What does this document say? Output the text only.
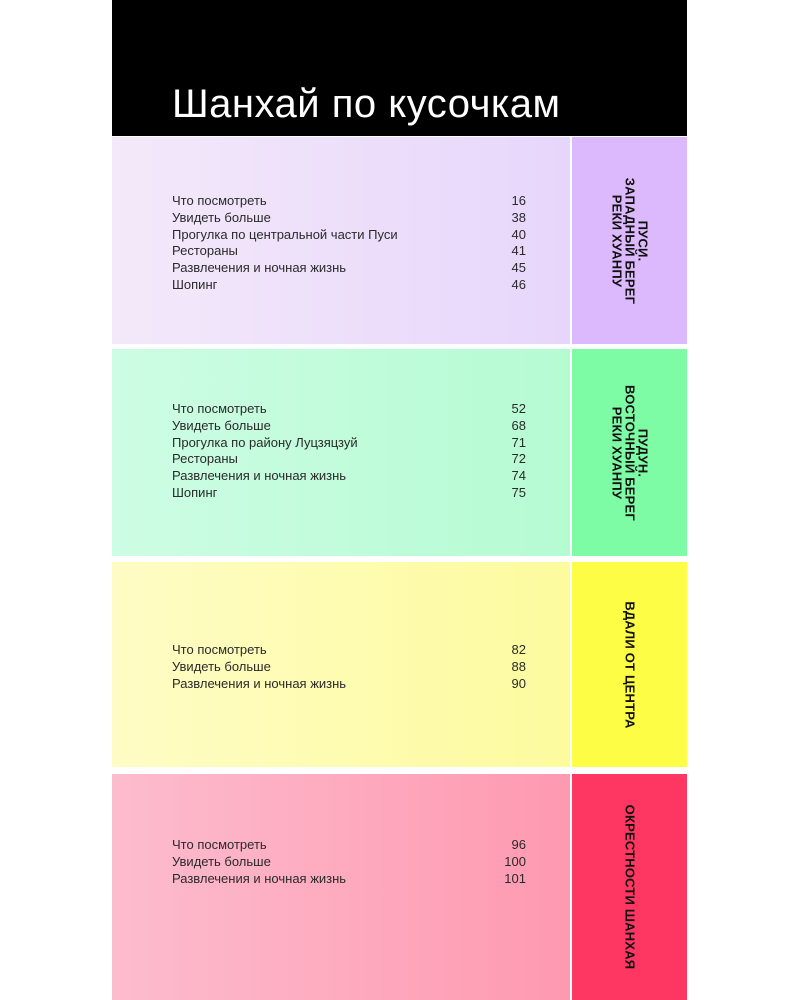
Шанхай по кусочкам
Что посмотреть	16
Увидеть больше	38
Прогулка по центральной части Пуси	40
Рестораны	41
Развлечения и ночная жизнь	45
Шопинг	46
ПУСИ.
ЗАПАДНЫЙ БЕРЕГ
РЕКИ ХУАНПУ
Что посмотреть	52
Увидеть больше	68
Прогулка по району Луцзяцзуй	71
Рестораны	72
Развлечения и ночная жизнь	74
Шопинг	75
ПУДУН.
ВОСТОЧНЫЙ БЕРЕГ
РЕКИ ХУАНПУ
Что посмотреть	82
Увидеть больше	88
Развлечения и ночная жизнь	90	ВДАЛИ ОТ ЦЕНТРА
Что посмотреть	96
Увидеть больше	100
Развлечения и ночная жизнь	101	ОКРЕСТНОСТИ ШАНХАЯ
